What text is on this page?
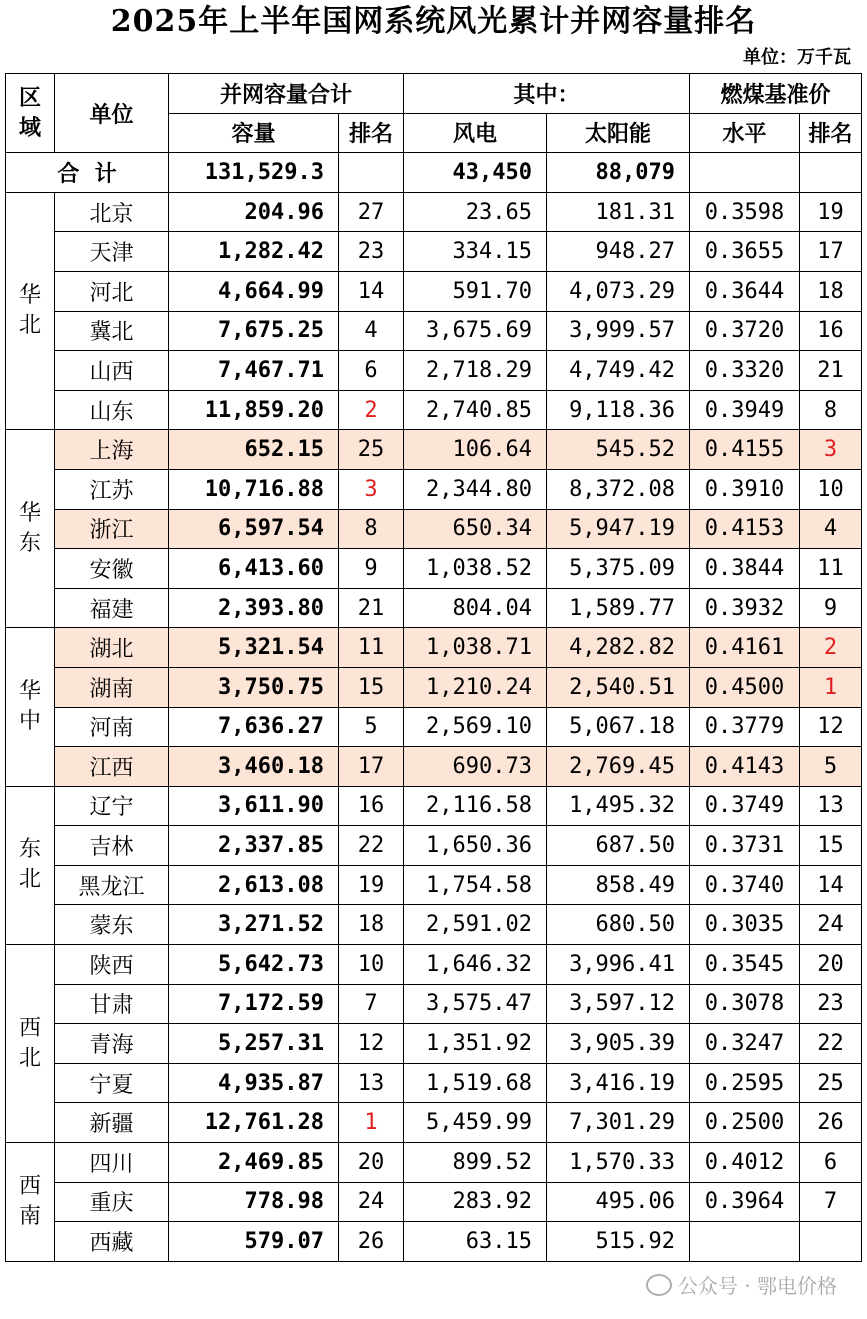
2025年上半年国网系统风光累计并网容量排名
单位：万千瓦
区域	单位	并网容量合计		其中：		燃煤基准价	
		容量	排名	风电	太阳能	水平	排名
合  计		131,529.3		43,450	88,079		

华北	北京	204.96	27	23.65	181.31	0.3598	19
	天津	1,282.42	23	334.15	948.27	0.3655	17
	河北	4,664.99	14	591.70	4,073.29	0.3644	18
	冀北	7,675.25	4	3,675.69	3,999.57	0.3720	16
	山西	7,467.71	6	2,718.29	4,749.42	0.3320	21
	山东	11,859.20	2	2,740.85	9,118.36	0.3949	8

华东	上海	652.15	25	106.64	545.52	0.4155	3
	江苏	10,716.88	3	2,344.80	8,372.08	0.3910	10
	浙江	6,597.54	8	650.34	5,947.19	0.4153	4
	安徽	6,413.60	9	1,038.52	5,375.09	0.3844	11
	福建	2,393.80	21	804.04	1,589.77	0.3932	9

华中	湖北	5,321.54	11	1,038.71	4,282.82	0.4161	2
	湖南	3,750.75	15	1,210.24	2,540.51	0.4500	1
	河南	7,636.27	5	2,569.10	5,067.18	0.3779	12
	江西	3,460.18	17	690.73	2,769.45	0.4143	5

东北	辽宁	3,611.90	16	2,116.58	1,495.32	0.3749	13
	吉林	2,337.85	22	1,650.36	687.50	0.3731	15
	黑龙江	2,613.08	19	1,754.58	858.49	0.3740	14
	蒙东	3,271.52	18	2,591.02	680.50	0.3035	24

西北	陕西	5,642.73	10	1,646.32	3,996.41	0.3545	20
	甘肃	7,172.59	7	3,575.47	3,597.12	0.3078	23
	青海	5,257.31	12	1,351.92	3,905.39	0.3247	22
	宁夏	4,935.87	13	1,519.68	3,416.19	0.2595	25
	新疆	12,761.28	1	5,459.99	7,301.29	0.2500	26

西南	四川	2,469.85	20	899.52	1,570.33	0.4012	6
	重庆	778.98	24	283.92	495.06	0.3964	7
	西藏	579.07	26	63.15	515.92		
公众号 · 鄂电价格
